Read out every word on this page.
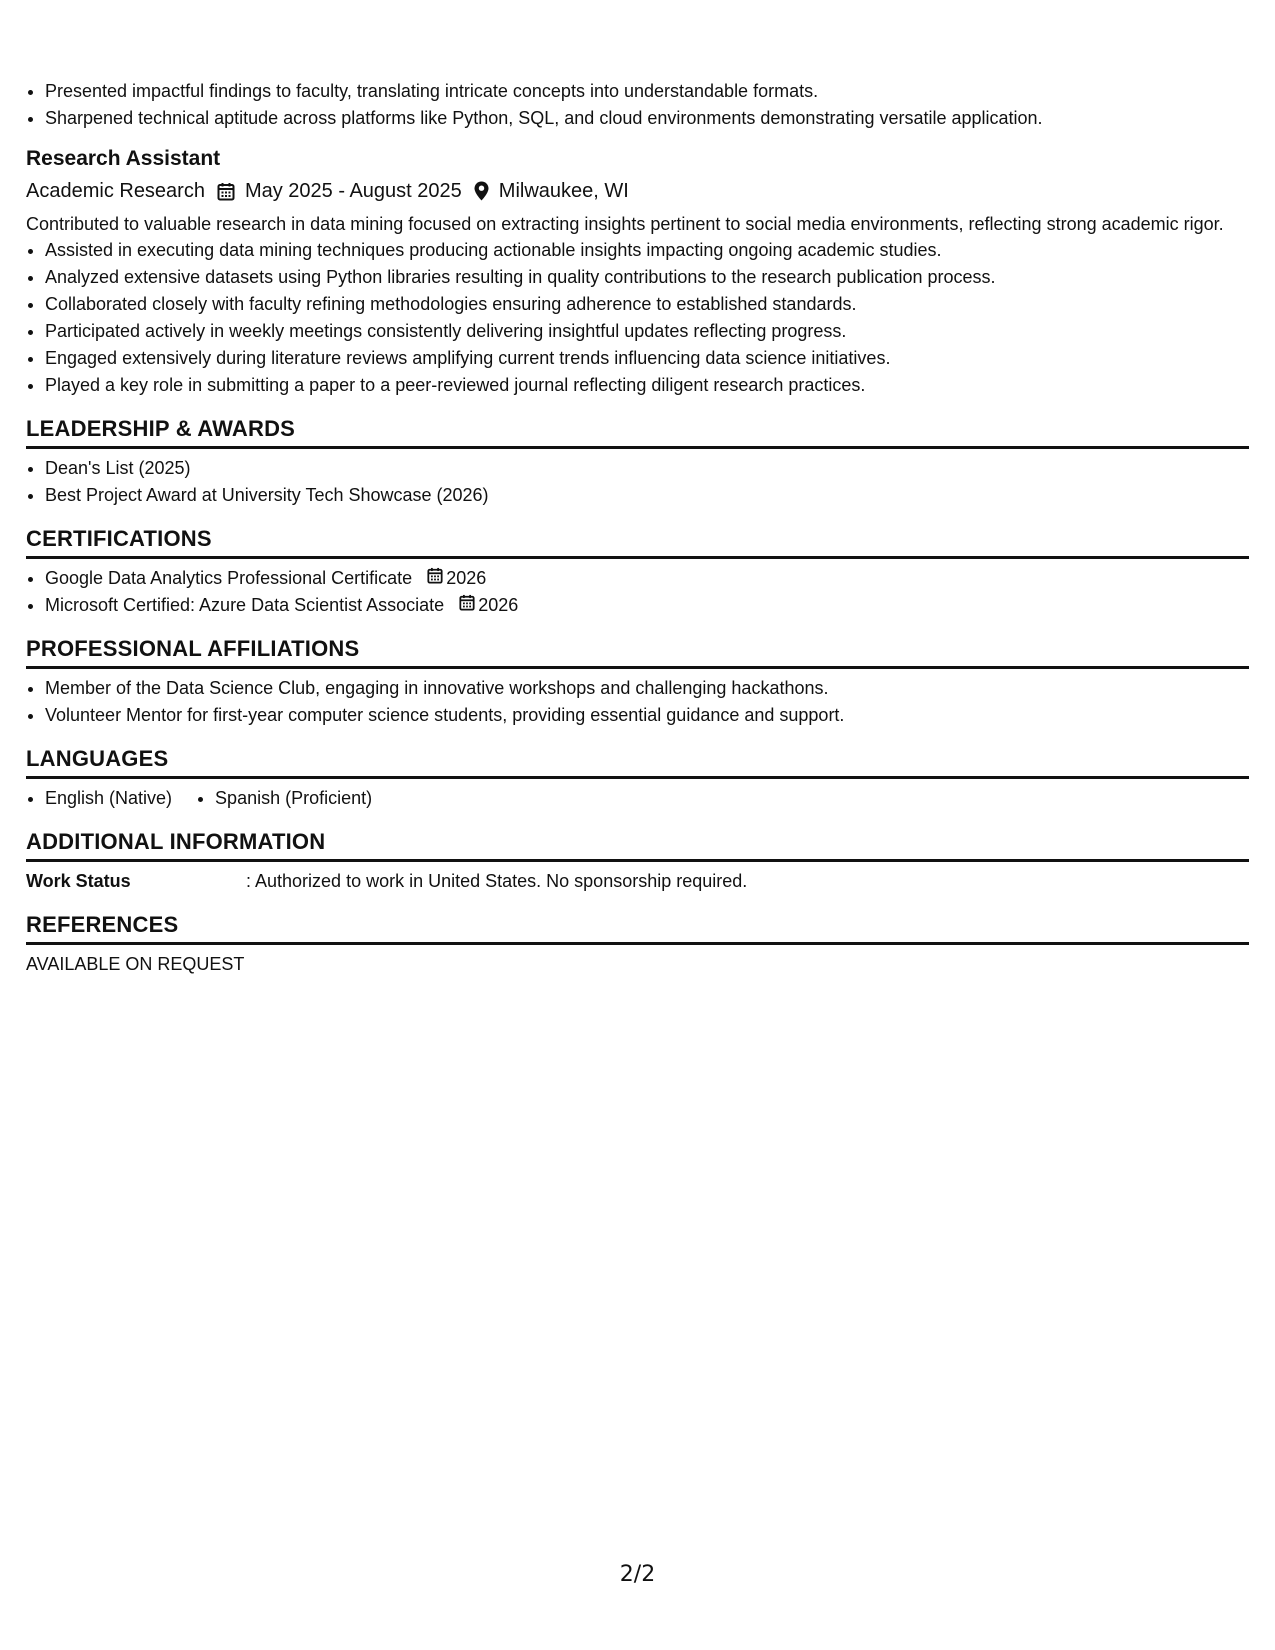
• Presented impactful findings to faculty, translating intricate concepts into understandable formats.
• Sharpened technical aptitude across platforms like Python, SQL, and cloud environments demonstrating versatile application.
Research Assistant
Academic Research May 2025 - August 2025 Milwaukee, WI
Contributed to valuable research in data mining focused on extracting insights pertinent to social media environments, reflecting strong academic rigor.
• Assisted in executing data mining techniques producing actionable insights impacting ongoing academic studies.
• Analyzed extensive datasets using Python libraries resulting in quality contributions to the research publication process.
• Collaborated closely with faculty refining methodologies ensuring adherence to established standards.
• Participated actively in weekly meetings consistently delivering insightful updates reflecting progress.
• Engaged extensively during literature reviews amplifying current trends influencing data science initiatives.
• Played a key role in submitting a paper to a peer-reviewed journal reflecting diligent research practices.
LEADERSHIP & AWARDS
• Dean's List (2025)
• Best Project Award at University Tech Showcase (2026)
CERTIFICATIONS
• Google Data Analytics Professional Certificate 2026
• Microsoft Certified: Azure Data Scientist Associate 2026
PROFESSIONAL AFFILIATIONS
• Member of the Data Science Club, engaging in innovative workshops and challenging hackathons.
• Volunteer Mentor for first-year computer science students, providing essential guidance and support.
LANGUAGES
• English (Native)
• Spanish (Proficient)
ADDITIONAL INFORMATION
Work Status	: Authorized to work in United States. No sponsorship required.
REFERENCES
AVAILABLE ON REQUEST
2/2
